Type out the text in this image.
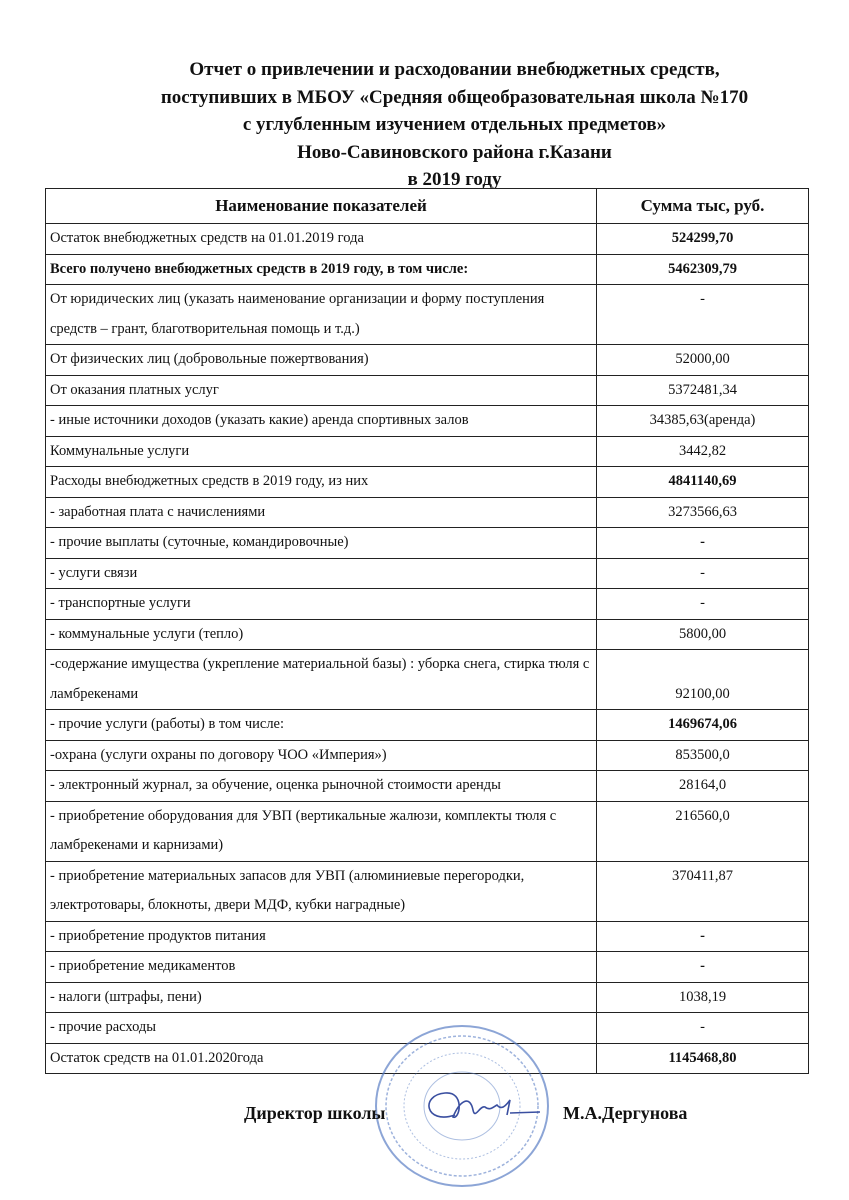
Отчет о привлечении и расходовании внебюджетных средств,
поступивших в МБОУ «Средняя общеобразовательная школа №170
с углубленным изучением отдельных предметов»
Ново-Савиновского района г.Казани
в 2019 году
Наименование показателей	Сумма тыс, руб.
Остаток внебюджетных средств на 01.01.2019 года	524299,70
Всего получено внебюджетных средств в 2019 году, в том числе:	5462309,79
От юридических лиц (указать наименование организации и форму поступления средств – грант, благотворительная помощь и т.д.)	-
От физических лиц (добровольные пожертвования)	52000,00
От оказания платных услуг	5372481,34
- иные источники доходов (указать какие) аренда спортивных залов	34385,63(аренда)
Коммунальные услуги	3442,82
Расходы внебюджетных средств в 2019 году, из них	4841140,69
- заработная плата с начислениями	3273566,63
- прочие выплаты (суточные, командировочные)	-
- услуги связи	-
- транспортные услуги	-
- коммунальные услуги (тепло)	5800,00
-содержание имущества (укрепление материальной базы) : уборка снега, стирка тюля с ламбрекенами	92100,00
- прочие услуги (работы) в том числе:	1469674,06
-охрана (услуги охраны по договору ЧОО «Империя»)	853500,0
- электронный журнал, за обучение, оценка рыночной стоимости аренды	28164,0
- приобретение оборудования для УВП (вертикальные жалюзи, комплекты тюля с ламбрекенами и карнизами)	216560,0
- приобретение материальных запасов для УВП (алюминиевые перегородки, электротовары, блокноты, двери МДФ, кубки наградные)	370411,87
- приобретение продуктов питания	-
- приобретение медикаментов	-
- налоги (штрафы, пени)	1038,19
- прочие расходы	-
Остаток средств на 01.01.2020года	1145468,80
Директор школы	М.А.Дергунова
